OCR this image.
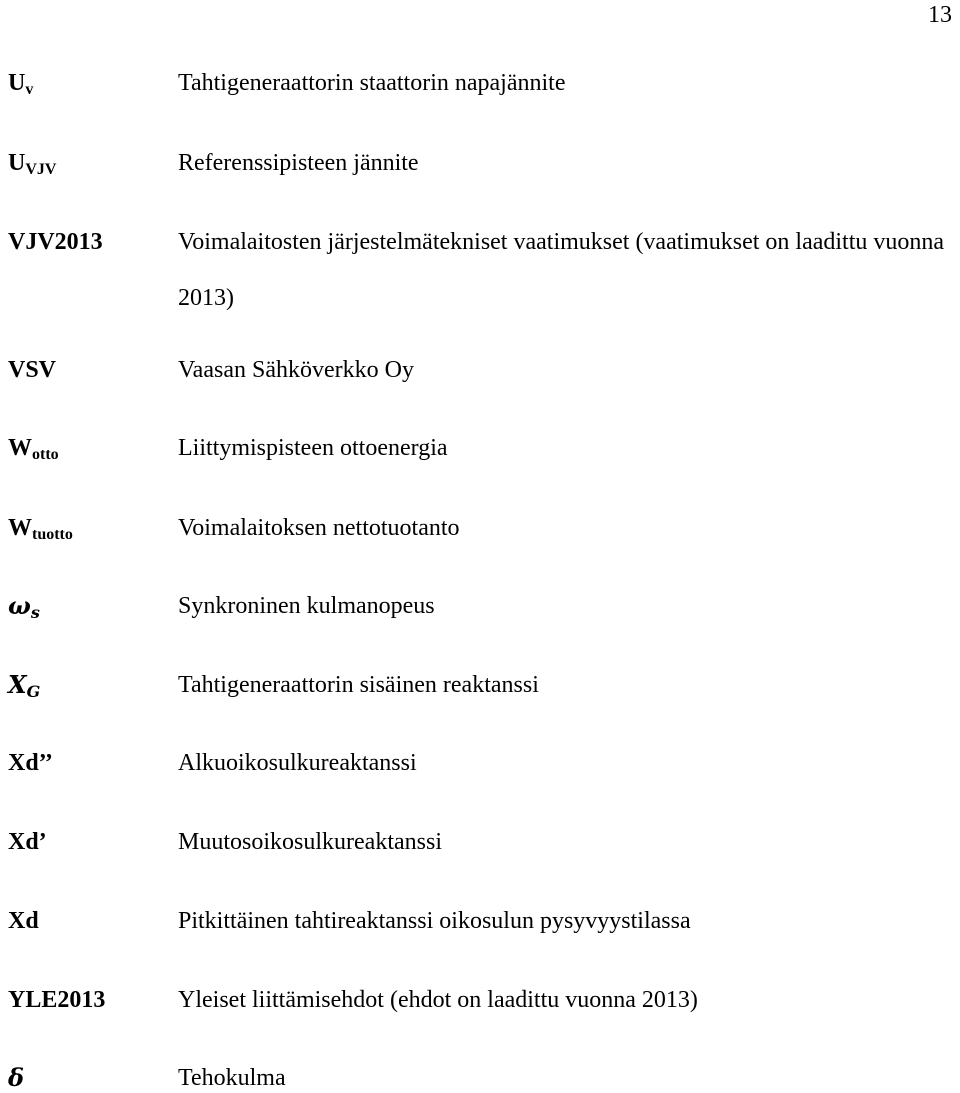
13
$U_v$	Tahtigeneraattorin staattorin napajännite
$U_{VJV}$	Referenssipisteen jännite
VJV2013	Voimalaitosten järjestelmätekniset vaatimukset (vaatimukset on laadittu vuonna 2013)
VSV	Vaasan Sähköverkko Oy
$W_{otto}$	Liittymispisteen ottoenergia
$W_{tuotto}$	Voimalaitoksen nettotuotanto
$\omega_s$	Synkroninen kulmanopeus
$X_G$	Tahtigeneraattorin sisäinen reaktanssi
Xd’’	Alkuoikosulkureaktanssi
Xd’	Muutosoikosulkureaktanssi
Xd	Pitkittäinen tahtireaktanssi oikosulun pysyvyystilassa
YLE2013	Yleiset liittämisehdot (ehdot on laadittu vuonna 2013)
δ	Tehokulma
